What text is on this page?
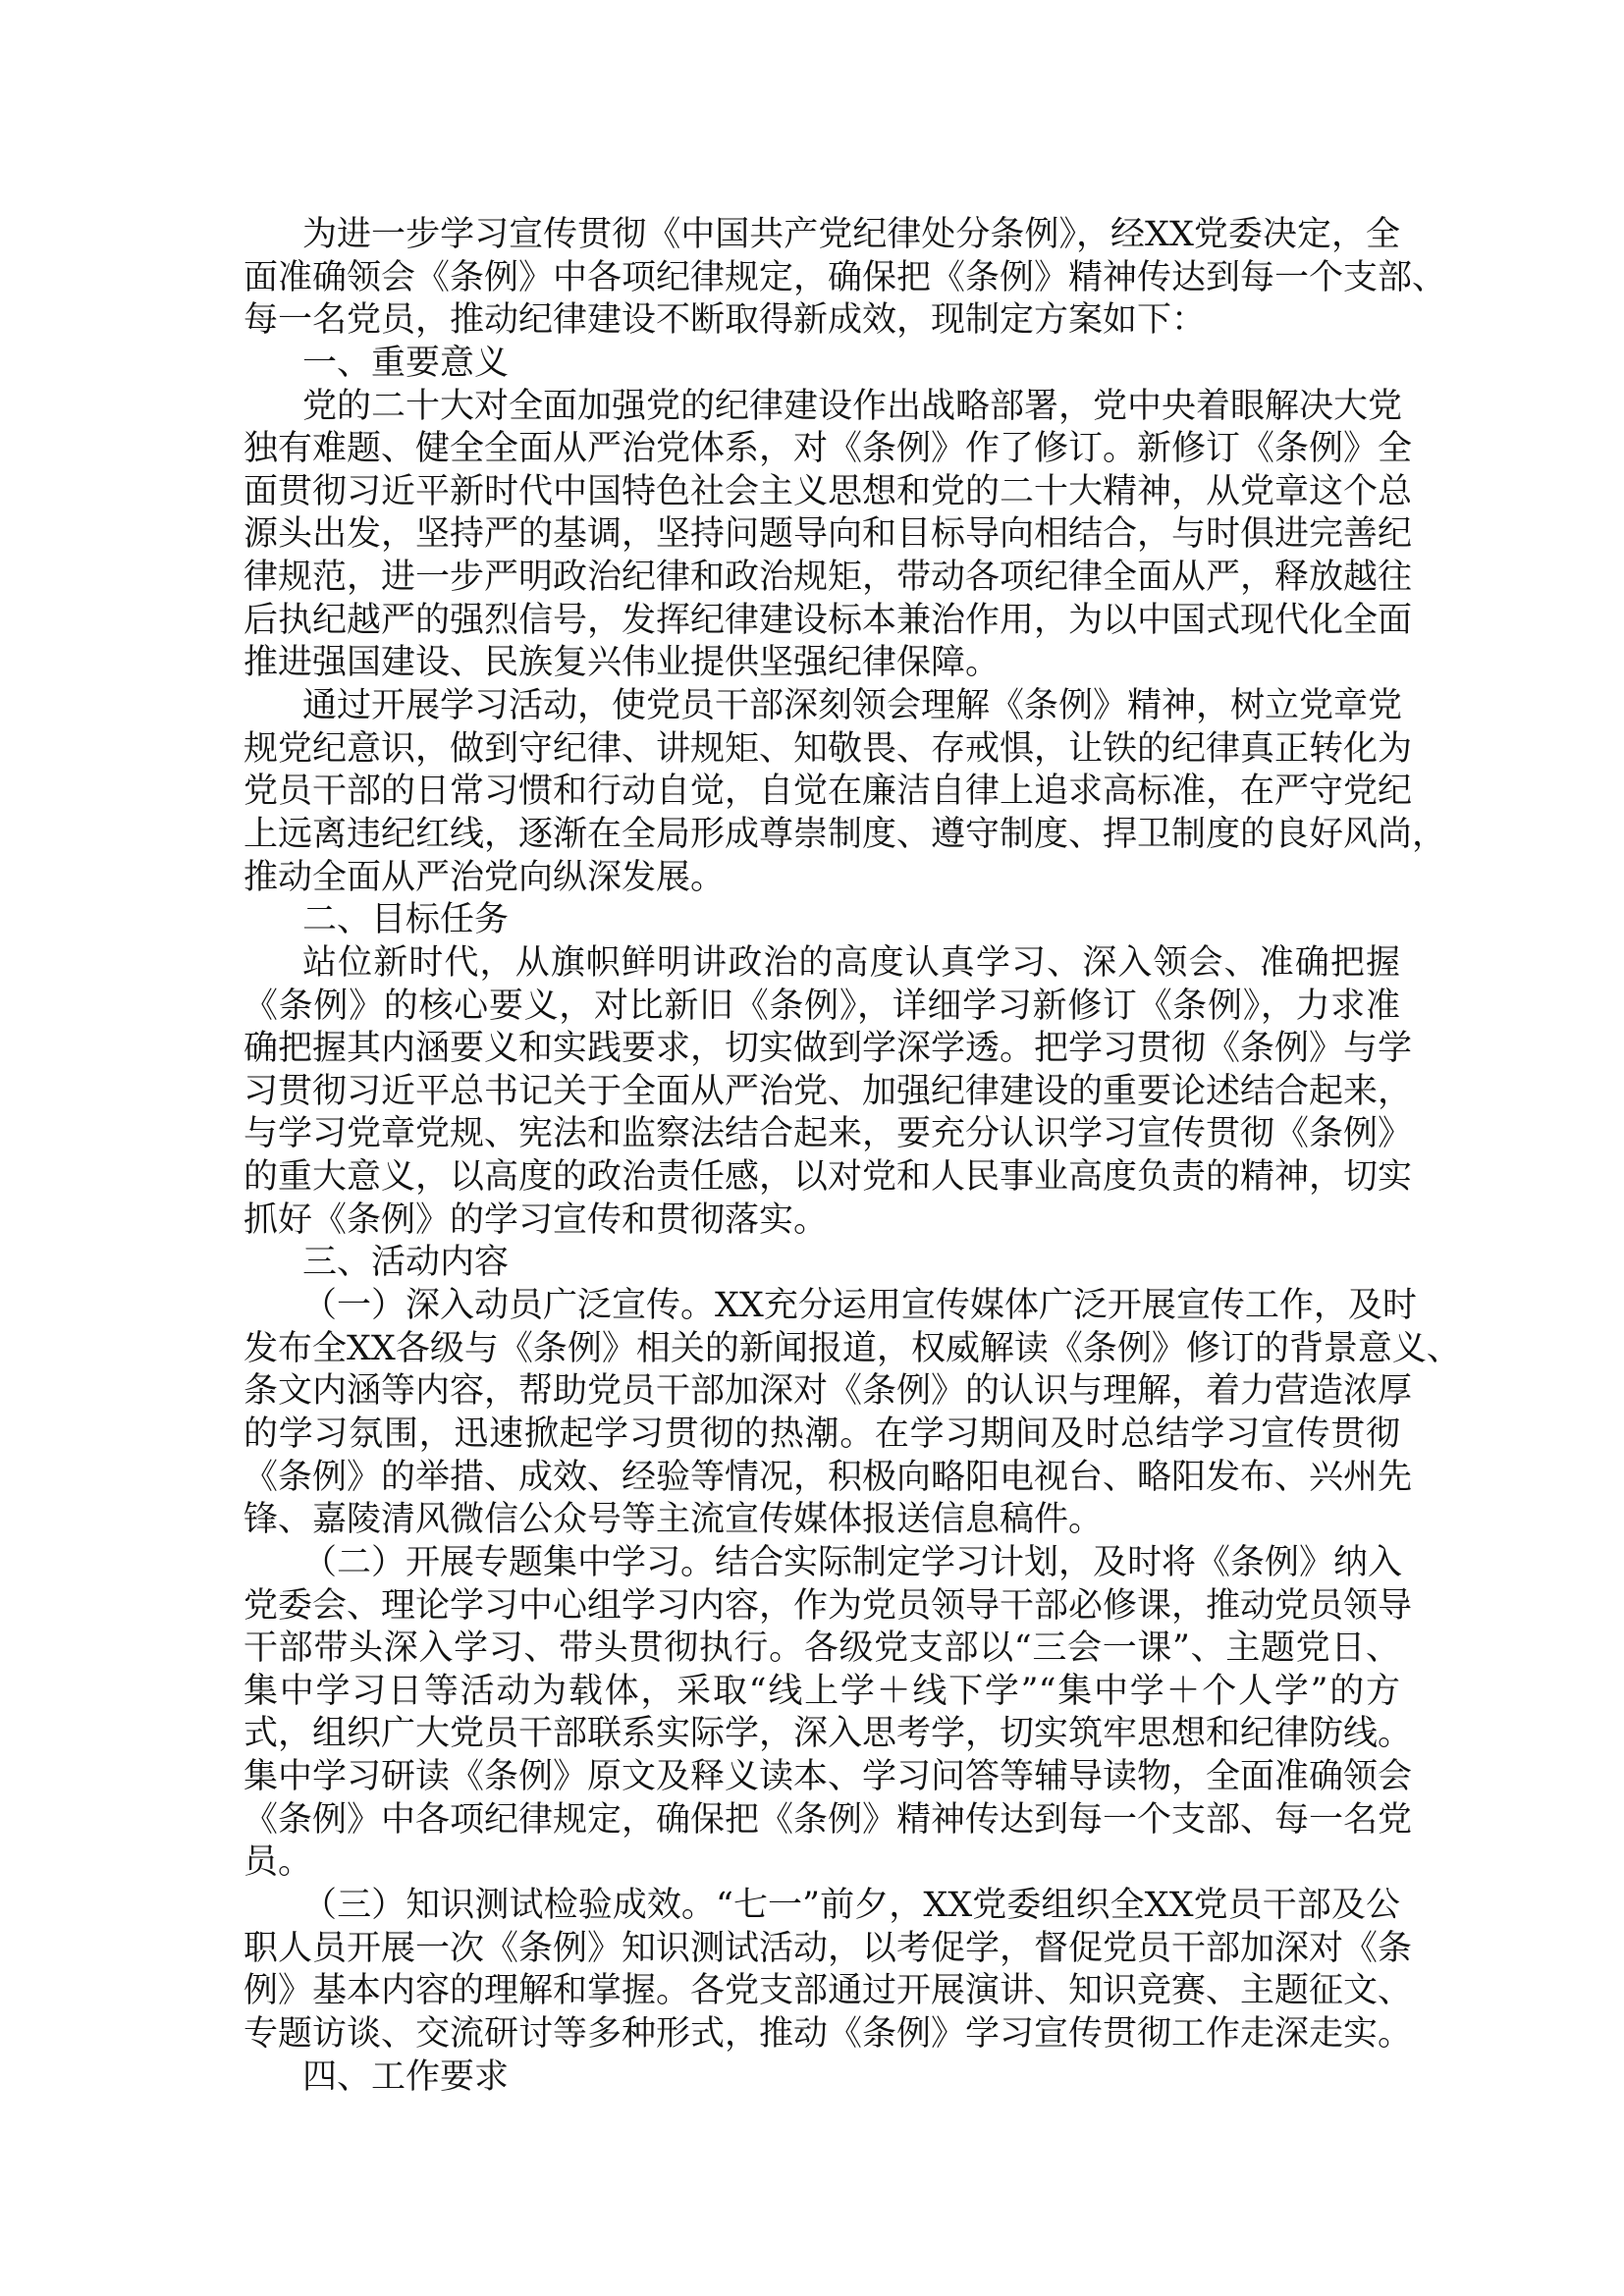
为进一步学习宣传贯彻《中国共产党纪律处分条例》，经XX党委决定，全
面准确领会《条例》中各项纪律规定，确保把《条例》精神传达到每一个支部、
每一名党员，推动纪律建设不断取得新成效，现制定方案如下：
一、重要意义
党的二十大对全面加强党的纪律建设作出战略部署，党中央着眼解决大党
独有难题、健全全面从严治党体系，对《条例》作了修订。新修订《条例》全
面贯彻习近平新时代中国特色社会主义思想和党的二十大精神，从党章这个总
源头出发，坚持严的基调，坚持问题导向和目标导向相结合，与时俱进完善纪
律规范，进一步严明政治纪律和政治规矩，带动各项纪律全面从严，释放越往
后执纪越严的强烈信号，发挥纪律建设标本兼治作用，为以中国式现代化全面
推进强国建设、民族复兴伟业提供坚强纪律保障。
通过开展学习活动，使党员干部深刻领会理解《条例》精神，树立党章党
规党纪意识，做到守纪律、讲规矩、知敬畏、存戒惧，让铁的纪律真正转化为
党员干部的日常习惯和行动自觉，自觉在廉洁自律上追求高标准，在严守党纪
上远离违纪红线，逐渐在全局形成尊崇制度、遵守制度、捍卫制度的良好风尚，
推动全面从严治党向纵深发展。
二、目标任务
站位新时代，从旗帜鲜明讲政治的高度认真学习、深入领会、准确把握
《条例》的核心要义，对比新旧《条例》，详细学习新修订《条例》，力求准
确把握其内涵要义和实践要求，切实做到学深学透。把学习贯彻《条例》与学
习贯彻习近平总书记关于全面从严治党、加强纪律建设的重要论述结合起来，
与学习党章党规、宪法和监察法结合起来，要充分认识学习宣传贯彻《条例》
的重大意义，以高度的政治责任感，以对党和人民事业高度负责的精神，切实
抓好《条例》的学习宣传和贯彻落实。
三、活动内容
（一）深入动员广泛宣传。XX充分运用宣传媒体广泛开展宣传工作，及时
发布全XX各级与《条例》相关的新闻报道，权威解读《条例》修订的背景意义、
条文内涵等内容，帮助党员干部加深对《条例》的认识与理解，着力营造浓厚
的学习氛围，迅速掀起学习贯彻的热潮。在学习期间及时总结学习宣传贯彻
《条例》的举措、成效、经验等情况，积极向略阳电视台、略阳发布、兴州先
锋、嘉陵清风微信公众号等主流宣传媒体报送信息稿件。
（二）开展专题集中学习。结合实际制定学习计划，及时将《条例》纳入
党委会、理论学习中心组学习内容，作为党员领导干部必修课，推动党员领导
干部带头深入学习、带头贯彻执行。各级党支部以“三会一课”、主题党日、
集中学习日等活动为载体，采取“线上学＋线下学”“集中学＋个人学”的方
式，组织广大党员干部联系实际学，深入思考学，切实筑牢思想和纪律防线。
集中学习研读《条例》原文及释义读本、学习问答等辅导读物，全面准确领会
《条例》中各项纪律规定，确保把《条例》精神传达到每一个支部、每一名党
员。
（三）知识测试检验成效。“七一”前夕，XX党委组织全XX党员干部及公
职人员开展一次《条例》知识测试活动，以考促学，督促党员干部加深对《条
例》基本内容的理解和掌握。各党支部通过开展演讲、知识竞赛、主题征文、
专题访谈、交流研讨等多种形式，推动《条例》学习宣传贯彻工作走深走实。
四、工作要求
